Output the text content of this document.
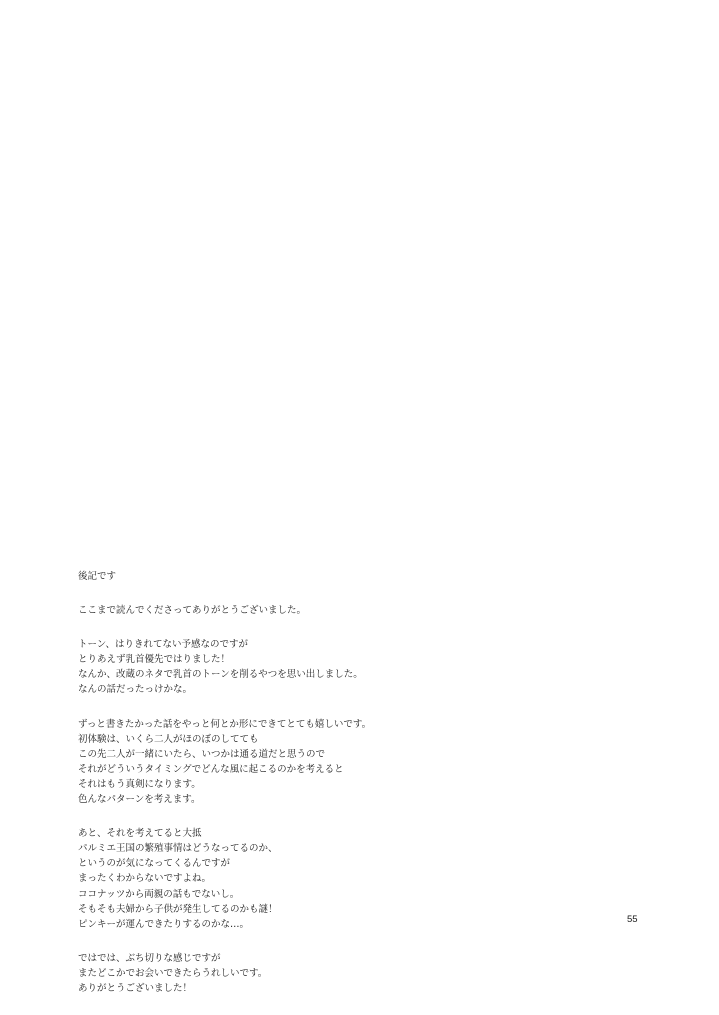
後記です
ここまで読んでくださってありがとうございました。
トーン、はりきれてない予感なのですが
とりあえず乳首優先ではりました！
なんか、改蔵のネタで乳首のトーンを削るやつを思い出しました。
なんの話だったっけかな。
ずっと書きたかった話をやっと何とか形にできてとても嬉しいです。
初体験は、いくら二人がほのぼのしてても
この先二人が一緒にいたら、いつかは通る道だと思うので
それがどういうタイミングでどんな風に起こるのかを考えると
それはもう真剣になります。
色んなパターンを考えます。
あと、それを考えてると大抵
パルミエ王国の繁殖事情はどうなってるのか、
というのが気になってくるんですが
まったくわからないですよね。
ココナッツから両親の話もでないし。
そもそも夫婦から子供が発生してるのかも謎！
ピンキーが運んできたりするのかな…。
ではでは、ぶち切りな感じですが
またどこかでお会いできたらうれしいです。
ありがとうございました！
55
